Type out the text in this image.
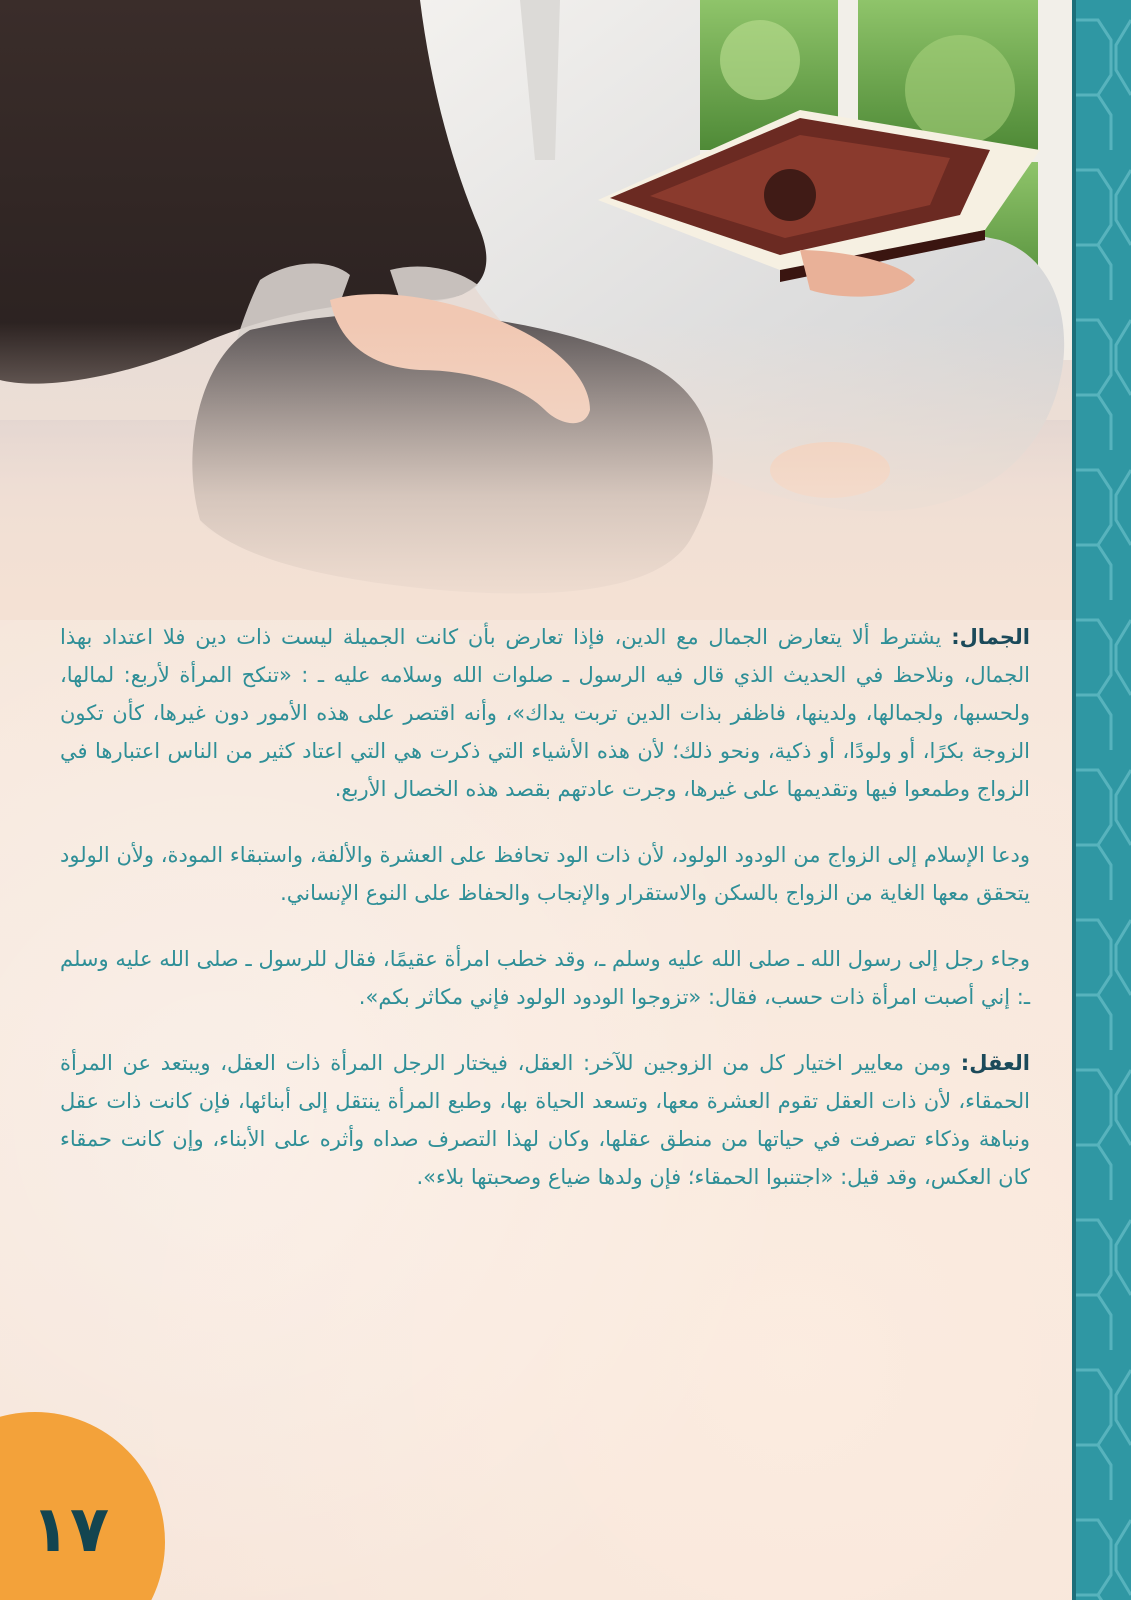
الجمال: يشترط ألا يتعارض الجمال مع الدين، فإذا تعارض بأن كانت الجميلة ليست ذات دين فلا اعتداد بهذا الجمال، ونلاحظ في الحديث الذي قال فيه الرسول ـ صلوات الله وسلامه عليه ـ : «تنكح المرأة لأربع: لمالها، ولحسبها، ولجمالها، ولدينها، فاظفر بذات الدين تربت يداك»، وأنه اقتصر على هذه الأمور دون غيرها، كأن تكون الزوجة بكرًا، أو ولودًا، أو ذكية، ونحو ذلك؛ لأن هذه الأشياء التي ذكرت هي التي اعتاد كثير من الناس اعتبارها في الزواج وطمعوا فيها وتقديمها على غيرها، وجرت عادتهم بقصد هذه الخصال الأربع.

ودعا الإسلام إلى الزواج من الودود الولود، لأن ذات الود تحافظ على العشرة والألفة، واستبقاء المودة، ولأن الولود يتحقق معها الغاية من الزواج بالسكن والاستقرار والإنجاب والحفاظ على النوع الإنساني.

وجاء رجل إلى رسول الله ـ صلى الله عليه وسلم ـ، وقد خطب امرأة عقيمًا، فقال للرسول ـ صلى الله عليه وسلم ـ: إني أصبت امرأة ذات حسب، فقال: «تزوجوا الودود الولود فإني مكاثر بكم».

العقل: ومن معايير اختيار كل من الزوجين للآخر: العقل، فيختار الرجل المرأة ذات العقل، ويبتعد عن المرأة الحمقاء، لأن ذات العقل تقوم العشرة معها، وتسعد الحياة بها، وطبع المرأة ينتقل إلى أبنائها، فإن كانت ذات عقل ونباهة وذكاء تصرفت في حياتها من منطق عقلها، وكان لهذا التصرف صداه وأثره على الأبناء، وإن كانت حمقاء كان العكس، وقد قيل: «اجتنبوا الحمقاء؛ فإن ولدها ضياع وصحبتها بلاء».

١٧
